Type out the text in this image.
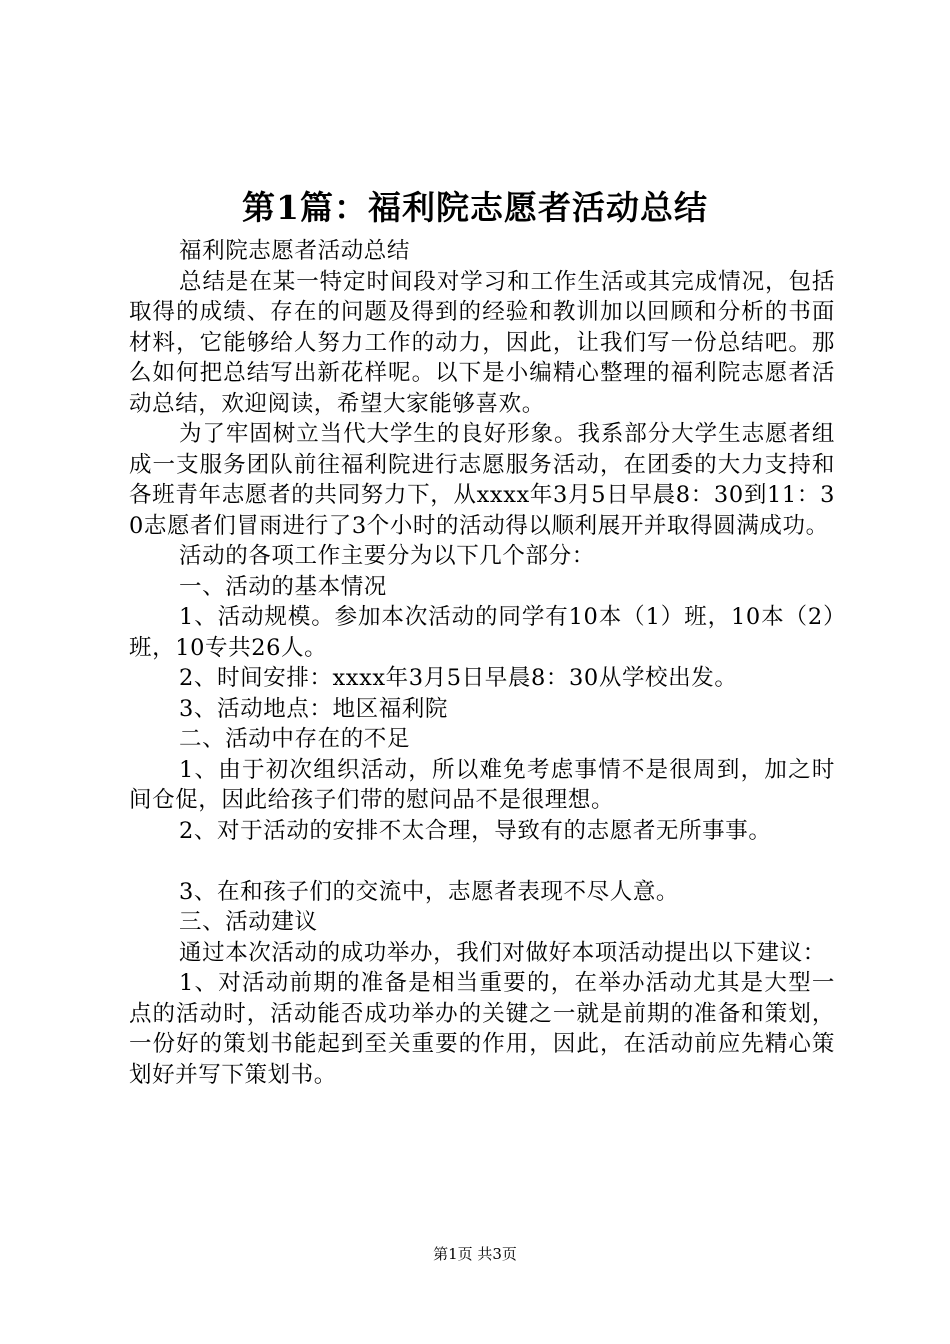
第1篇：福利院志愿者活动总结

福利院志愿者活动总结

总结是在某一特定时间段对学习和工作生活或其完成情况，包括取得的成绩、存在的问题及得到的经验和教训加以回顾和分析的书面材料，它能够给人努力工作的动力，因此，让我们写一份总结吧。那么如何把总结写出新花样呢。以下是小编精心整理的福利院志愿者活动总结，欢迎阅读，希望大家能够喜欢。

为了牢固树立当代大学生的良好形象。我系部分大学生志愿者组成一支服务团队前往福利院进行志愿服务活动，在团委的大力支持和各班青年志愿者的共同努力下，从xxxx年3月5日早晨8：30到11：30志愿者们冒雨进行了3个小时的活动得以顺利展开并取得圆满成功。

活动的各项工作主要分为以下几个部分：

一、活动的基本情况

1、活动规模。参加本次活动的同学有10本（1）班，10本（2）班，10专共26人。

2、时间安排：xxxx年3月5日早晨8：30从学校出发。

3、活动地点：地区福利院

二、活动中存在的不足

1、由于初次组织活动，所以难免考虑事情不是很周到，加之时间仓促，因此给孩子们带的慰问品不是很理想。

2、对于活动的安排不太合理，导致有的志愿者无所事事。

3、在和孩子们的交流中，志愿者表现不尽人意。

三、活动建议

通过本次活动的成功举办，我们对做好本项活动提出以下建议：

1、对活动前期的准备是相当重要的，在举办活动尤其是大型一点的活动时，活动能否成功举办的关键之一就是前期的准备和策划，一份好的策划书能起到至关重要的作用，因此，在活动前应先精心策划好并写下策划书。

第1页 共3页
